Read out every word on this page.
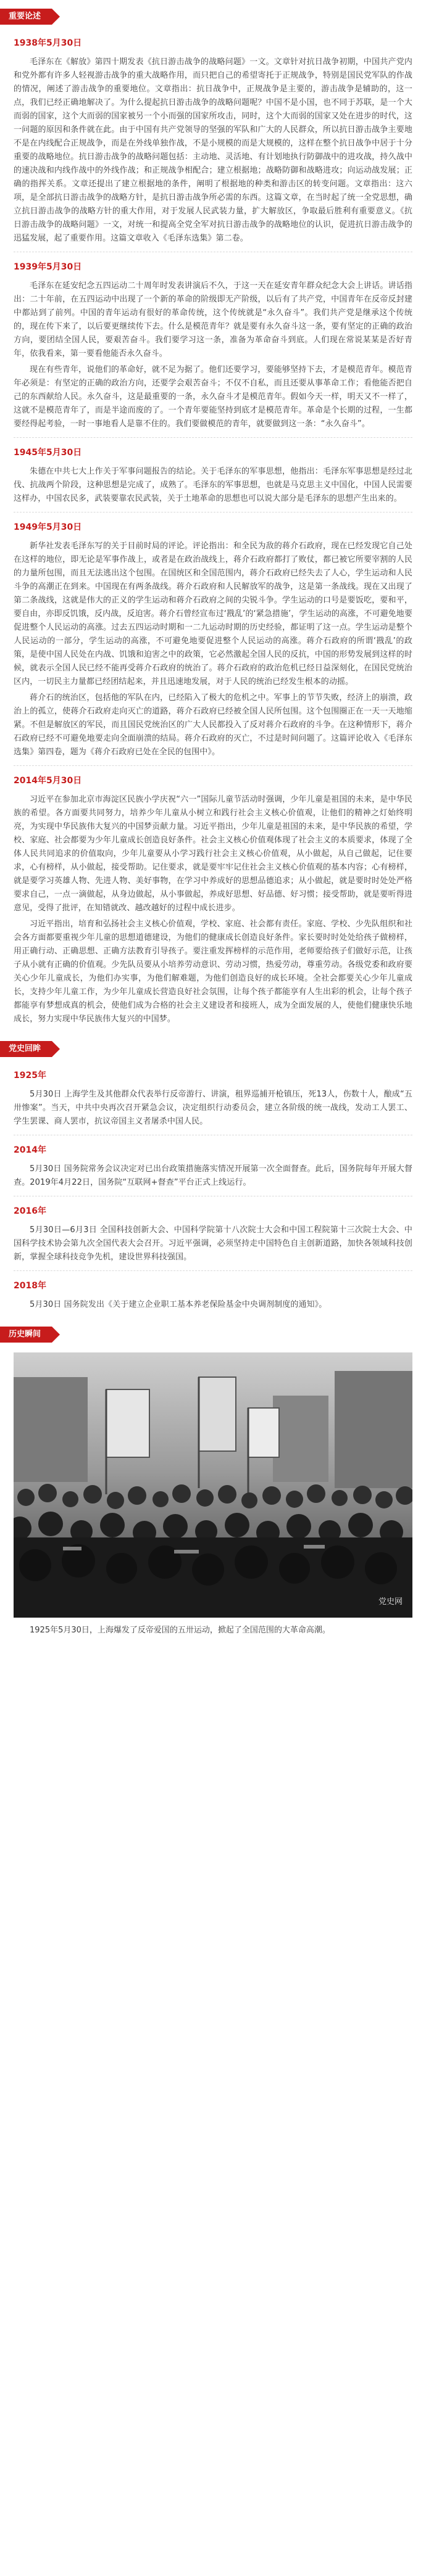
重要论述
1938年5月30日

毛泽东在《解放》第四十期发表《抗日游击战争的战略问题》一文。文章针对抗日战争初期，中国共产党内和党外都有许多人轻视游击战争的重大战略作用，而只把自己的希望寄托于正规战争，特别是国民党军队的作战的情况，阐述了游击战争的重要地位。文章指出：抗日战争中，正规战争是主要的，游击战争是辅助的，这一点，我们已经正确地解决了。为什么提起抗日游击战争的战略问题呢？中国不是小国，也不同于苏联，是一个大而弱的国家，这个大而弱的国家被另一个小而强的国家所攻击，同时，这个大而弱的国家又处在进步的时代，这一问题的原因和条件就在此。由于中国有共产党领导的坚强的军队和广大的人民群众，所以抗日游击战争主要地不是在内线配合正规战争，而是在外线单独作战，不是小规模的而是大规模的，这样在整个抗日战争中居于十分重要的战略地位。抗日游击战争的战略问题包括：主动地、灵活地、有计划地执行防御战中的进攻战，持久战中的速决战和内线作战中的外线作战；和正规战争相配合；建立根据地；战略防御和战略进攻；向运动战发展；正确的指挥关系。文章还提出了建立根据地的条件，阐明了根据地的种类和游击区的转变问题。文章指出：这六项，是全部抗日游击战争的战略方针，是抗日游击战争所必需的东西。这篇文章，在当时起了统一全党思想，确立抗日游击战争的战略方针的重大作用，对于发展人民武装力量，扩大解放区，争取最后胜利有重要意义。《抗日游击战争的战略问题》一文，对统一和提高全党全军对抗日游击战争的战略地位的认识，促进抗日游击战争的迅猛发展，起了重要作用。这篇文章收入《毛泽东选集》第二卷。

1939年5月30日

毛泽东在延安纪念五四运动二十周年时发表讲演后不久，于这一天在延安青年群众纪念大会上讲话。讲话指出：二十年前，在五四运动中出现了一个新的革命的阶级即无产阶级，以后有了共产党，中国青年在反帝反封建中都站到了前列。中国的青年运动有很好的革命传统，这个传统就是“永久奋斗”。我们共产党是继承这个传统的，现在传下来了，以后要更继续传下去。什么是模范青年？就是要有永久奋斗这一条，要有坚定的正确的政治方向，要团结全国人民，要艰苦奋斗。我们要学习这一条，准备为革命奋斗到底。人们现在常说某某是否好青年，依我看来，第一要看他能否永久奋斗。

现在有些青年，说他们的革命好，就不足为据了。他们还要学习，要能够坚持下去，才是模范青年。模范青年必须是：有坚定的正确的政治方向，还要学会艰苦奋斗；不仅不自私，而且还要从事革命工作；看他能否把自己的东西献给人民。永久奋斗，这是最重要的一条，永久奋斗才是模范青年。假如今天一样，明天又不一样了，这就不是模范青年了，而是半途而废的了。一个青年要能坚持到底才是模范青年。革命是个长期的过程，一生都要经得起考验，一时一事地看人是靠不住的。我们要做模范的青年，就要做到这一条：“永久奋斗”。

1945年5月30日

朱德在中共七大上作关于军事问题报告的结论。关于毛泽东的军事思想，他指出：毛泽东军事思想是经过北伐、抗战两个阶段，这种思想是完成了，成熟了。毛泽东的军事思想，也就是马克思主义中国化，中国人民需要这样办，中国农民多，武装要靠农民武装，关于土地革命的思想也可以说大部分是毛泽东的思想产生出来的。

1949年5月30日

新华社发表毛泽东写的关于目前时局的评论。评论指出：和全民为敌的蒋介石政府，现在已经发现它自己处在这样的地位，即无论是军事作战上，或者是在政治战线上，蒋介石政府都打了败仗，都已被它所要宰割的人民的力量所包围，而且无法逃出这个包围。在国统区和全国范围内，蒋介石政府已经失去了人心，学生运动和人民斗争的高潮正在到来。中国现在有两条战线。蒋介石政府和人民解放军的战争，这是第一条战线。现在又出现了第二条战线，这就是伟大的正义的学生运动和蒋介石政府之间的尖锐斗争。学生运动的口号是要饭吃，要和平，要自由，亦即反饥饿，反内战，反迫害。蒋介石曾经宣布过‘戡乱’的‘紧急措施’，学生运动的高涨，不可避免地要促进整个人民运动的高涨。过去五四运动时期和一二九运动时期的历史经验，都证明了这一点。学生运动是整个人民运动的一部分，学生运动的高涨，不可避免地要促进整个人民运动的高涨。蒋介石政府的所谓‘戡乱’的政策，是使中国人民处在内战、饥饿和迫害之中的政策，它必然激起全国人民的反抗，中国的形势发展到这样的时候，就表示全国人民已经不能再受蒋介石政府的统治了。蒋介石政府的政治危机已经日益深刻化，在国民党统治区内，一切民主力量都已经团结起来，并且迅速地发展，对于人民的统治已经发生根本的动摇。

蒋介石的统治区，包括他的军队在内，已经陷入了极大的危机之中。军事上的节节失败，经济上的崩溃，政治上的孤立，使蒋介石政府走向灭亡的道路，蒋介石政府已经被全国人民所包围。这个包围圈正在一天一天地缩紧。不但是解放区的军民，而且国民党统治区的广大人民都投入了反对蒋介石政府的斗争。在这种情形下，蒋介石政府已经不可避免地要走向全面崩溃的结局。蒋介石政府的灭亡，不过是时间问题了。这篇评论收入《毛泽东选集》第四卷，题为《蒋介石政府已处在全民的包围中》。

2014年5月30日

习近平在参加北京市海淀区民族小学庆祝“六一”国际儿童节活动时强调，少年儿童是祖国的未来，是中华民族的希望。各方面要共同努力，培养少年儿童从小树立和践行社会主义核心价值观，让他们的精神之灯始终明亮，为实现中华民族伟大复兴的中国梦贡献力量。习近平指出，少年儿童是祖国的未来，是中华民族的希望，学校、家庭、社会都要为少年儿童成长创造良好条件。社会主义核心价值观体现了社会主义的本质要求，体现了全体人民共同追求的价值取向，少年儿童要从小学习践行社会主义核心价值观，从小做起，从自己做起，记住要求，心有榜样，从小做起，接受帮助。记住要求，就是要牢牢记住社会主义核心价值观的基本内容；心有榜样，就是要学习英雄人物、先进人物、美好事物，在学习中养成好的思想品德追求；从小做起，就是要时时处处严格要求自己，一点一滴做起，从身边做起，从小事做起，养成好思想、好品德、好习惯；接受帮助，就是要听得进意见，受得了批评，在知错就改、越改越好的过程中成长进步。

习近平指出，培育和弘扬社会主义核心价值观，学校、家庭、社会都有责任。家庭、学校、少先队组织和社会各方面都要重视少年儿童的思想道德建设，为他们的健康成长创造良好条件。家长要时时处处给孩子做榜样，用正确行动、正确思想、正确方法教育引导孩子。要注重发挥榜样的示范作用，老师要给孩子们做好示范，让孩子从小就有正确的价值观。少先队员要从小培养劳动意识、劳动习惯，热爱劳动，尊重劳动。各级党委和政府要关心少年儿童成长，为他们办实事，为他们解难题，为他们创造良好的成长环境。全社会都要关心少年儿童成长，支持少年儿童工作，为少年儿童成长营造良好社会氛围，让每个孩子都能享有人生出彩的机会，让每个孩子都能享有梦想成真的机会，使他们成为合格的社会主义建设者和接班人，成为全面发展的人，使他们健康快乐地成长，努力实现中华民族伟大复兴的中国梦。

党史回眸
1925年

5月30日 上海学生及其他群众代表举行反帝游行、讲演，租界巡捕开枪镇压，死13人，伤数十人，酿成“五卅惨案”。当天，中共中央再次召开紧急会议，决定组织行动委员会，建立各阶级的统一战线，发动工人罢工、学生罢课、商人罢市，抗议帝国主义者屠杀中国人民。

2014年

5月30日 国务院常务会议决定对已出台政策措施落实情况开展第一次全面督查。此后，国务院每年开展大督查。2019年4月22日，国务院“互联网+督查”平台正式上线运行。

2016年

5月30日—6月3日 全国科技创新大会、中国科学院第十八次院士大会和中国工程院第十三次院士大会、中国科学技术协会第九次全国代表大会召开。习近平强调，必须坚持走中国特色自主创新道路，加快各领域科技创新，掌握全球科技竞争先机，建设世界科技强国。

2018年

5月30日 国务院发出《关于建立企业职工基本养老保险基金中央调剂制度的通知》。

历史瞬间
党史网

1925年5月30日，上海爆发了反帝爱国的五卅运动，掀起了全国范围的大革命高潮。
